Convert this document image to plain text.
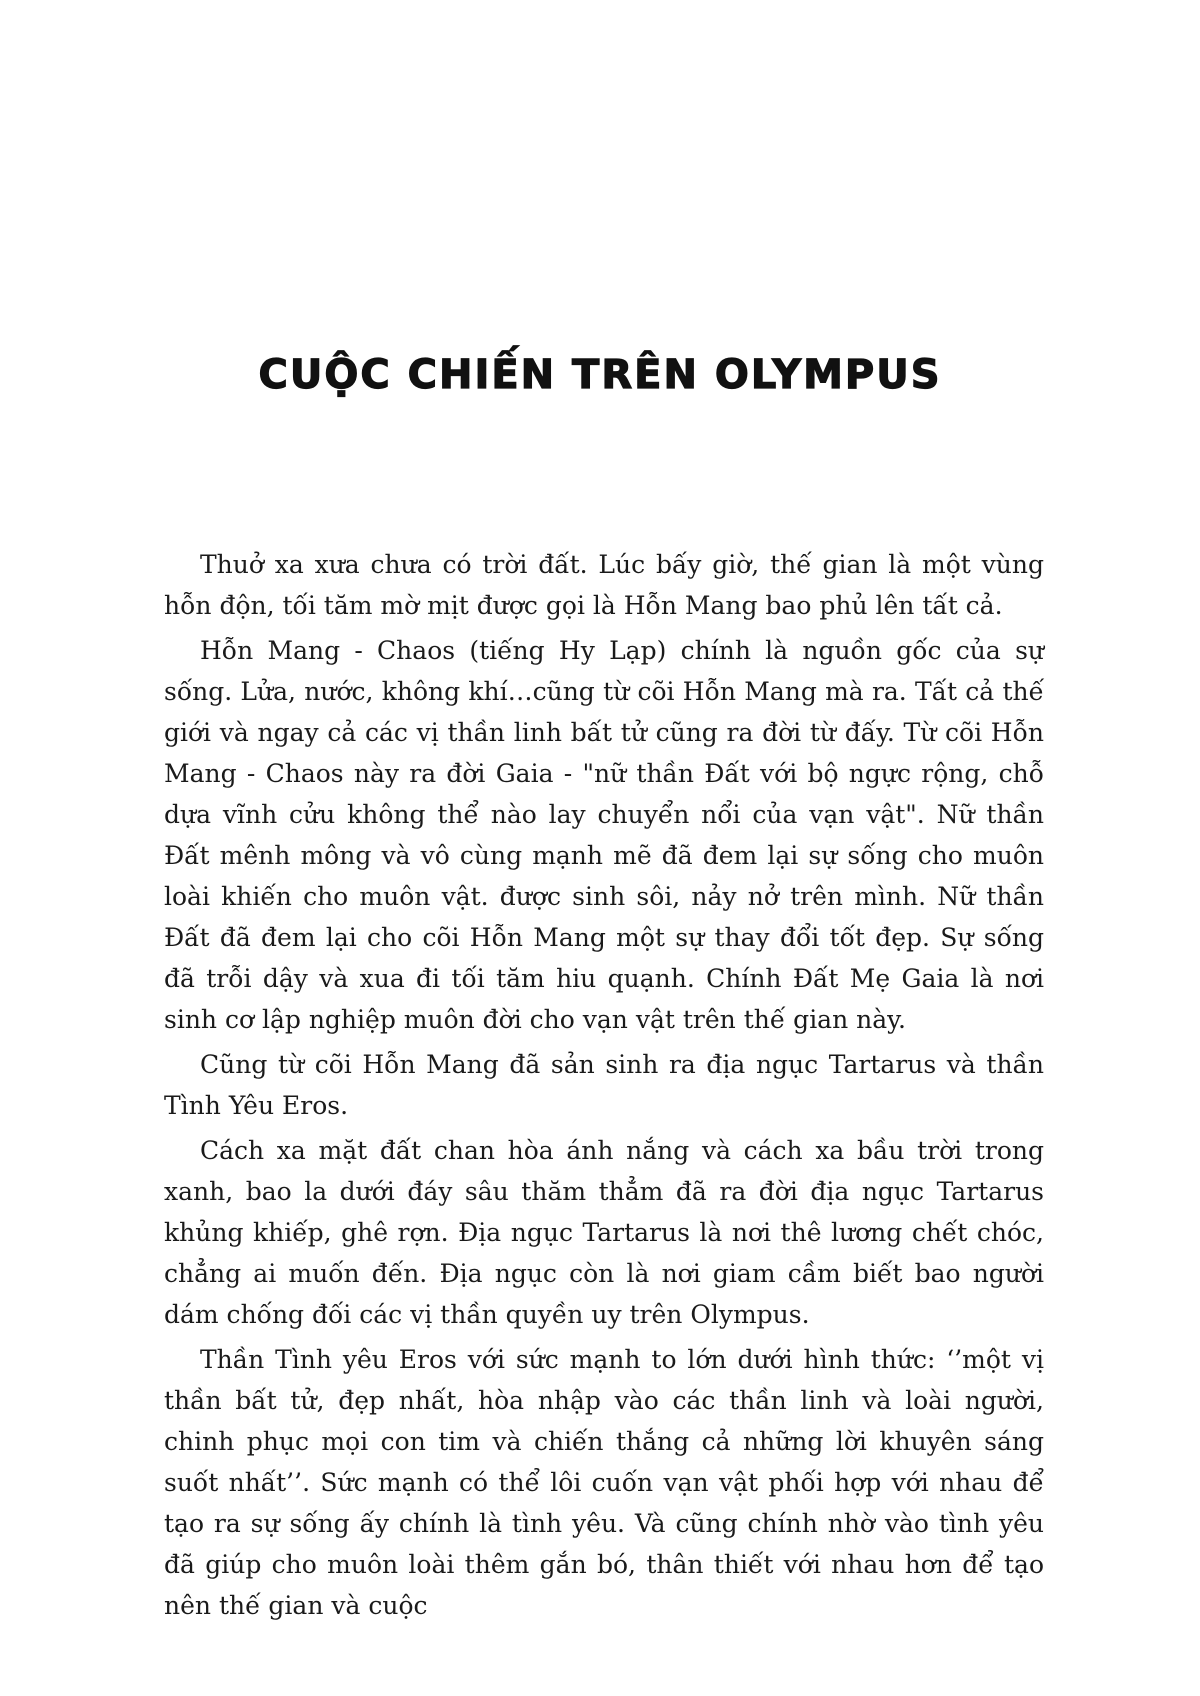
CUỘC CHIẾN TRÊN OLYMPUS

Thuở xa xưa chưa có trời đất. Lúc bấy giờ, thế gian là một vùng hỗn độn, tối tăm mờ mịt được gọi là Hỗn Mang bao phủ lên tất cả.

Hỗn Mang - Chaos (tiếng Hy Lạp) chính là nguồn gốc của sự sống. Lửa, nước, không khí…cũng từ cõi Hỗn Mang mà ra. Tất cả thế giới và ngay cả các vị thần linh bất tử cũng ra đời từ đấy. Từ cõi Hỗn Mang - Chaos này ra đời Gaia - "nữ thần Đất với bộ ngực rộng, chỗ dựa vĩnh cửu không thể nào lay chuyển nổi của vạn vật". Nữ thần Đất mênh mông và vô cùng mạnh mẽ đã đem lại sự sống cho muôn loài khiến cho muôn vật. được sinh sôi, nảy nở trên mình. Nữ thần Đất đã đem lại cho cõi Hỗn Mang một sự thay đổi tốt đẹp. Sự sống đã trỗi dậy và xua đi tối tăm hiu quạnh. Chính Đất Mẹ Gaia là nơi sinh cơ lập nghiệp muôn đời cho vạn vật trên thế gian này.

Cũng từ cõi Hỗn Mang đã sản sinh ra địa ngục Tartarus và thần Tình Yêu Eros.

Cách xa mặt đất chan hòa ánh nắng và cách xa bầu trời trong xanh, bao la dưới đáy sâu thăm thẳm đã ra đời địa ngục Tartarus khủng khiếp, ghê rợn. Địa ngục Tartarus là nơi thê lương chết chóc, chẳng ai muốn đến. Địa ngục còn là nơi giam cầm biết bao người dám chống đối các vị thần quyền uy trên Olympus.

Thần Tình yêu Eros với sức mạnh to lớn dưới hình thức: ‘’một vị thần bất tử, đẹp nhất, hòa nhập vào các thần linh và loài người, chinh phục mọi con tim và chiến thắng cả những lời khuyên sáng suốt nhất’’. Sức mạnh có thể lôi cuốn vạn vật phối hợp với nhau để tạo ra sự sống ấy chính là tình yêu. Và cũng chính nhờ vào tình yêu đã giúp cho muôn loài thêm gắn bó, thân thiết với nhau hơn để tạo nên thế gian và cuộc
